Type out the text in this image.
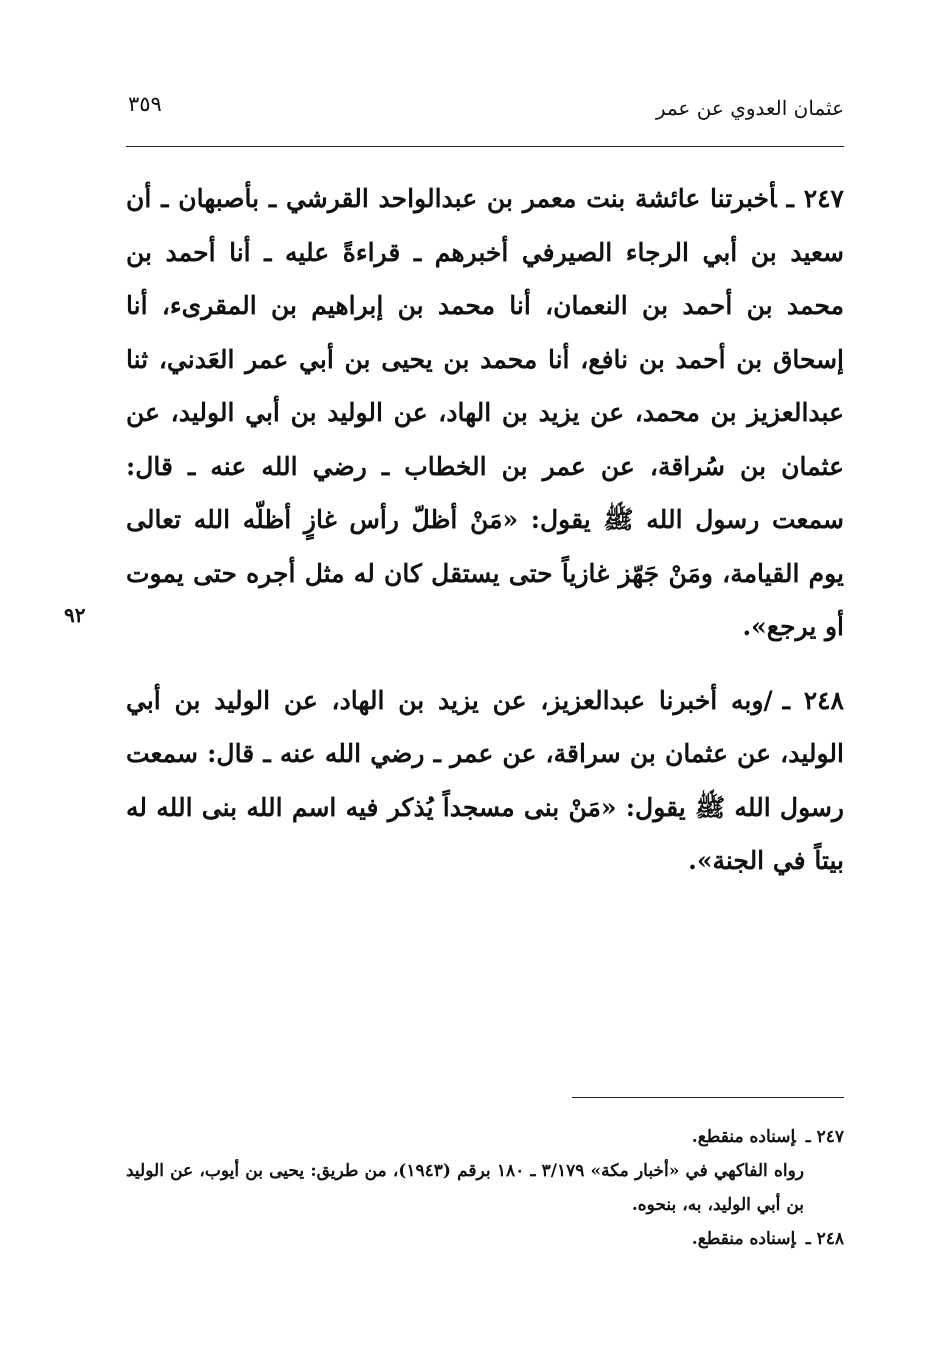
عثمان العدوي عن عمر
٣٥٩

٢٤٧ ـأخبرتنا عائشة بنت معمر بن عبدالواحد القرشي ـ بأصبهان ـ أن سعيد بن أبي الرجاء الصيرفي أخبرهم ـ قراءةً عليه ـ أنا أحمد بن محمد بن أحمد بن النعمان، أنا محمد بن إبراهيم بن المقرىء، أنا إسحاق بن أحمد بن نافع، أنا محمد بن يحيى بن أبي عمر العَدني، ثنا عبدالعزيز بن محمد، عن يزيد بن الهاد، عن الوليد بن أبي الوليد، عن عثمان بن سُراقة، عن عمر بن الخطاب ـ رضي الله عنه ـ قال: سمعت رسول الله ﷺ يقول: «مَنْ أظلّ رأس غازٍ أظلّه الله تعالى يوم القيامة، ومَنْ جَهّز غازياً حتى يستقل كان له مثل أجره حتى يموت أو يرجع».

٢٤٨ ـ/وبه أخبرنا عبدالعزيز، عن يزيد بن الهاد، عن الوليد بن أبي الوليد، عن عثمان بن سراقة، عن عمر ـ رضي الله عنه ـ قال: سمعت رسول الله ﷺ يقول: «مَنْ بنى مسجداً يُذكر فيه اسم الله بنى الله له بيتاً في الجنة».

٩٢

٢٤٧ ـإسناده منقطع.

رواه الفاكهي في «أخبار مكة» ٣/١٧٩ ـ ١٨٠ برقم (١٩٤٣)، من طريق: يحيى بن أيوب، عن الوليد بن أبي الوليد، به، بنحوه.

٢٤٨ ـإسناده منقطع.
